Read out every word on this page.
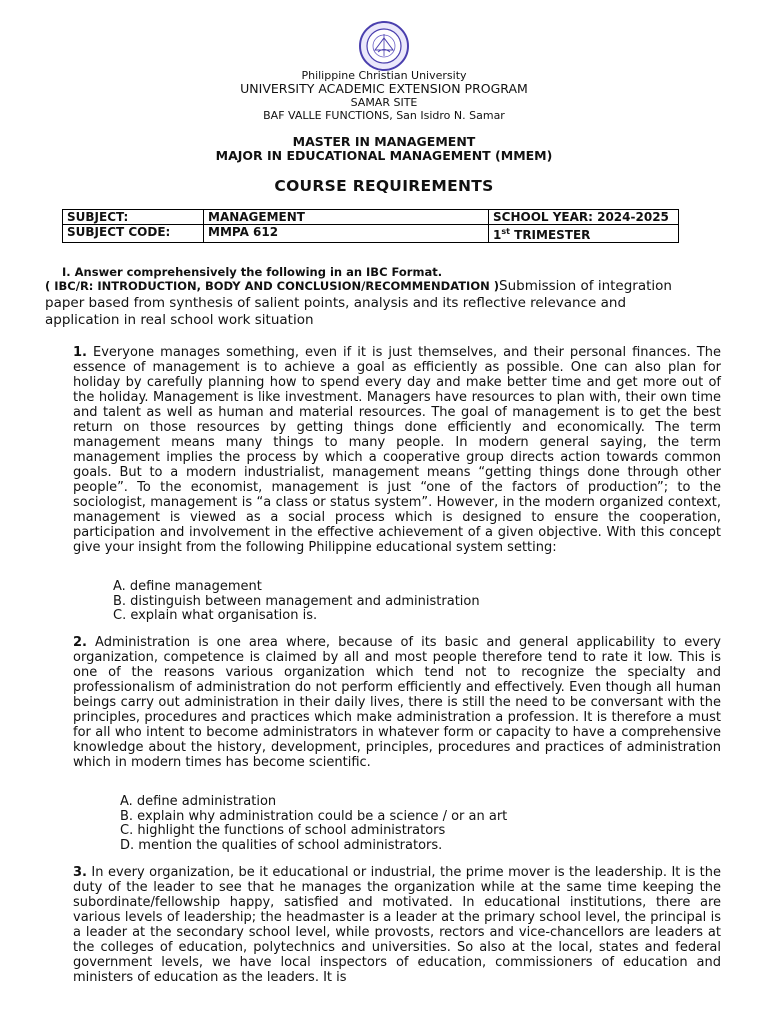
Philippine Christian University
UNIVERSITY ACADEMIC EXTENSION PROGRAM
SAMAR SITE
BAF VALLE FUNCTIONS, San Isidro N. Samar
MASTER IN MANAGEMENT
MAJOR IN EDUCATIONAL MANAGEMENT (MMEM)
COURSE REQUIREMENTS
SUBJECT:	MANAGEMENT	SCHOOL YEAR: 2024-2025
SUBJECT CODE:	MMPA 612	1st TRIMESTER
I. Answer comprehensively the following in an IBC Format.
( IBC/R: INTRODUCTION, BODY AND CONCLUSION/RECOMMENDATION )Submission of integration paper based from synthesis of salient points, analysis and its reflective relevance and application in real school work situation
1. Everyone manages something, even if it is just themselves, and their personal finances. The essence of management is to achieve a goal as efficiently as possible. One can also plan for holiday by carefully planning how to spend every day and make better time and get more out of the holiday. Management is like investment. Managers have resources to plan with, their own time and talent as well as human and material resources. The goal of management is to get the best return on those resources by getting things done efficiently and economically. The term management means many things to many people. In modern general saying, the term management implies the process by which a cooperative group directs action towards common goals. But to a modern industrialist, management means “getting things done through other people”. To the economist, management is just “one of the factors of production”; to the sociologist, management is “a class or status system”. However, in the modern organized context, management is viewed as a social process which is designed to ensure the cooperation, participation and involvement in the effective achievement of a given objective. With this concept give your insight from the following Philippine educational system setting:
A. define management
B. distinguish between management and administration
C. explain what organisation is.
2. Administration is one area where, because of its basic and general applicability to every organization, competence is claimed by all and most people therefore tend to rate it low. This is one of the reasons various organization which tend not to recognize the specialty and professionalism of administration do not perform efficiently and effectively. Even though all human beings carry out administration in their daily lives, there is still the need to be conversant with the principles, procedures and practices which make administration a profession. It is therefore a must for all who intent to become administrators in whatever form or capacity to have a comprehensive knowledge about the history, development, principles, procedures and practices of administration which in modern times has become scientific.
A. define administration
B. explain why administration could be a science / or an art
C. highlight the functions of school administrators
D. mention the qualities of school administrators.
3. In every organization, be it educational or industrial, the prime mover is the leadership. It is the duty of the leader to see that he manages the organization while at the same time keeping the subordinate/fellowship happy, satisfied and motivated. In educational institutions, there are various levels of leadership; the headmaster is a leader at the primary school level, the principal is a leader at the secondary school level, while provosts, rectors and vice-chancellors are leaders at the colleges of education, polytechnics and universities. So also at the local, states and federal government levels, we have local inspectors of education, commissioners of education and ministers of education as the leaders. It is
